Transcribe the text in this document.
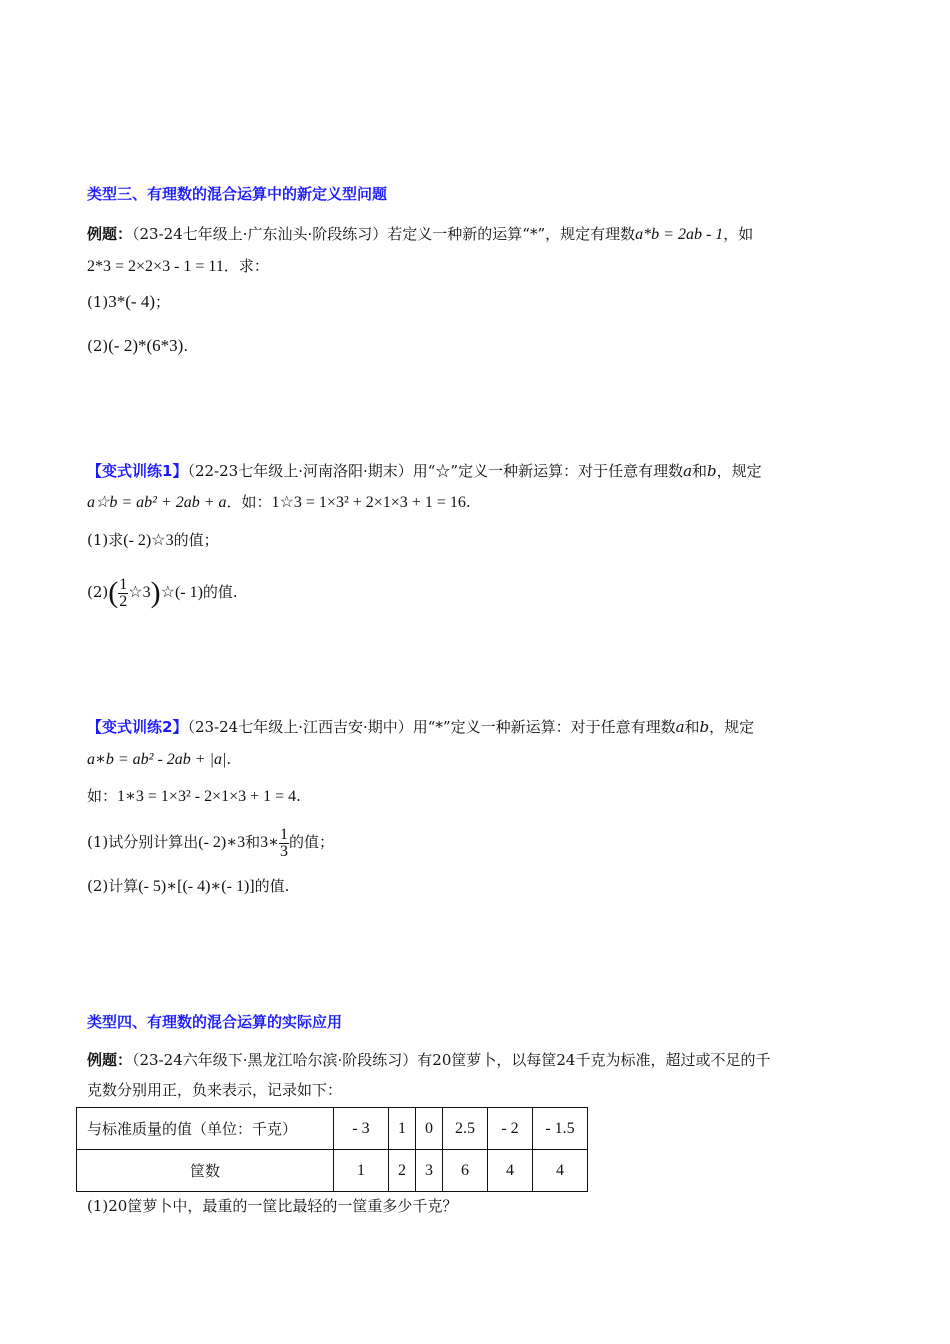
类型三、有理数的混合运算中的新定义型问题
例题：（23-24七年级上·广东汕头·阶段练习）若定义一种新的运算“*”，规定有理数a*b = 2ab - 1，如
2*3 = 2×2×3 - 1 = 11．求：
(1)3*(- 4)；
(2)(- 2)*(6*3).
【变式训练1】（22-23七年级上·河南洛阳·期末）用“☆”定义一种新运算：对于任意有理数a和b，规定
a☆b = ab² + 2ab + a．如：1☆3 = 1×3² + 2×1×3 + 1 = 16.
(1)求(- 2)☆3的值；
$(2)( \frac{1}{2}$ ☆3)☆(- 1)的值.
【变式训练2】（23-24七年级上·江西吉安·期中）用“*”定义一种新运算：对于任意有理数a和b，规定
a∗b = ab² - 2ab + |a|.
如：1∗3 = 1×3² - 2×1×3 + 1 = 4.
(1)试分别计算出(- 2)∗3和3∗ $\frac{1}{3}$ 的值；
(2)计算(- 5)∗[(- 4)∗(- 1)]的值.
类型四、有理数的混合运算的实际应用
例题：（23-24六年级下·黑龙江哈尔滨·阶段练习）有20筐萝卜，以每筐24千克为标准，超过或不足的千
克数分别用正，负来表示，记录如下：
与标准质量的值（单位：千克）	- 3	1	0	2.5	- 2	- 1.5
筐数	1	2	3	6	4	4
(1)20筐萝卜中，最重的一筐比最轻的一筐重多少千克？
